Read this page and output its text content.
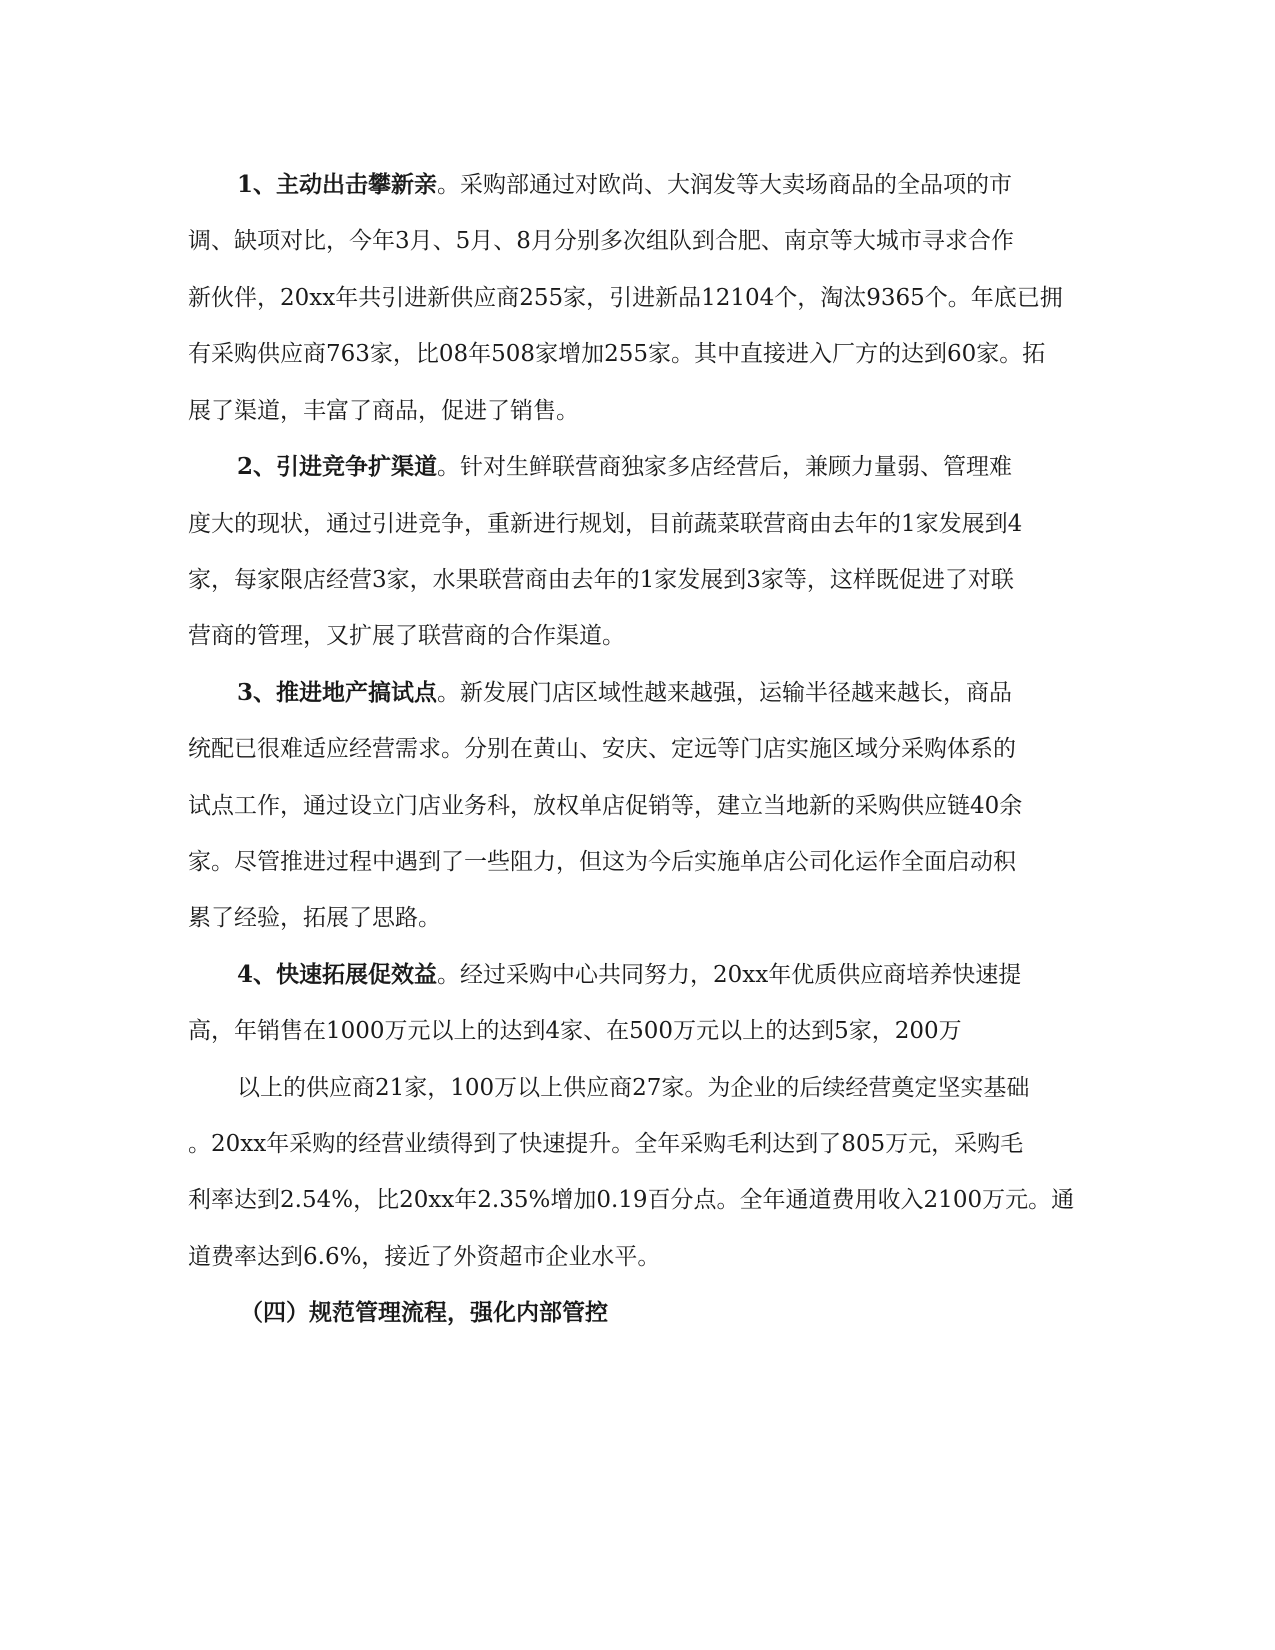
1、主动出击攀新亲。采购部通过对欧尚、大润发等大卖场商品的全品项的市
调、缺项对比，今年3月、5月、8月分别多次组队到合肥、南京等大城市寻求合作
新伙伴，20xx年共引进新供应商255家，引进新品12104个，淘汰9365个。年底已拥
有采购供应商763家，比08年508家增加255家。其中直接进入厂方的达到60家。拓
展了渠道，丰富了商品，促进了销售。
2、引进竞争扩渠道。针对生鲜联营商独家多店经营后，兼顾力量弱、管理难
度大的现状，通过引进竞争，重新进行规划，目前蔬菜联营商由去年的1家发展到4
家，每家限店经营3家，水果联营商由去年的1家发展到3家等，这样既促进了对联
营商的管理，又扩展了联营商的合作渠道。
3、推进地产搞试点。新发展门店区域性越来越强，运输半径越来越长，商品
统配已很难适应经营需求。分别在黄山、安庆、定远等门店实施区域分采购体系的
试点工作，通过设立门店业务科，放权单店促销等，建立当地新的采购供应链40余
家。尽管推进过程中遇到了一些阻力，但这为今后实施单店公司化运作全面启动积
累了经验，拓展了思路。
4、快速拓展促效益。经过采购中心共同努力，20xx年优质供应商培养快速提
高，年销售在1000万元以上的达到4家、在500万元以上的达到5家，200万
以上的供应商21家，100万以上供应商27家。为企业的后续经营奠定坚实基础
。20xx年采购的经营业绩得到了快速提升。全年采购毛利达到了805万元，采购毛
利率达到2.54%，比20xx年2.35%增加0.19百分点。全年通道费用收入2100万元。通
道费率达到6.6%，接近了外资超市企业水平。
（四）规范管理流程，强化内部管控
